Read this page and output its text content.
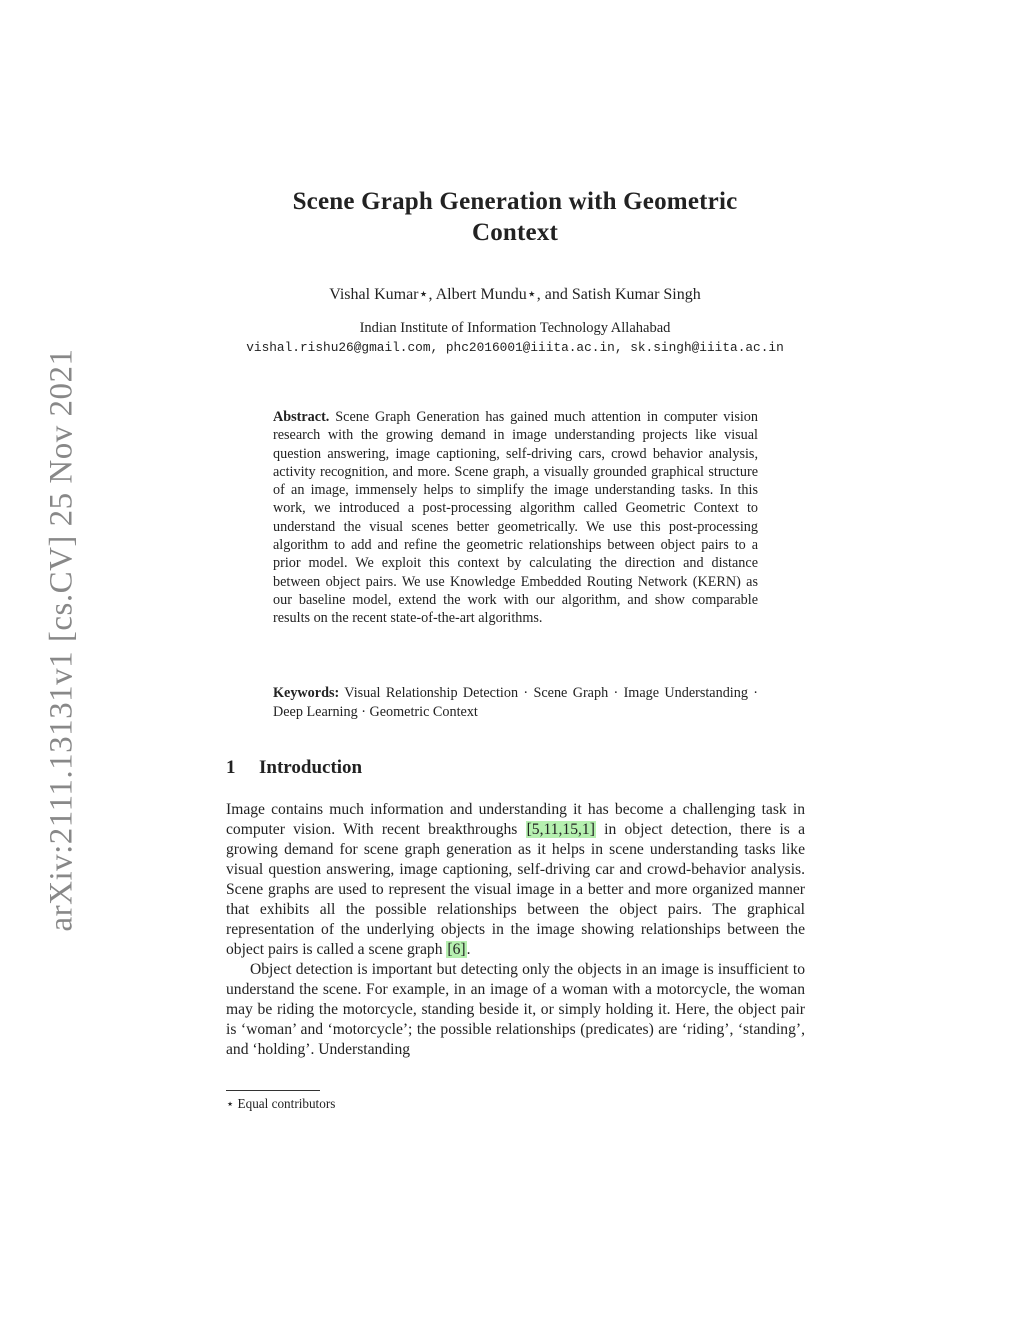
arXiv:2111.13131v1 [cs.CV] 25 Nov 2021
Scene Graph Generation with Geometric
Context
Vishal Kumar⋆, Albert Mundu⋆, and Satish Kumar Singh
Indian Institute of Information Technology Allahabad
vishal.rishu26@gmail.com, phc2016001@iiita.ac.in, sk.singh@iiita.ac.in
Abstract. Scene Graph Generation has gained much attention in computer vision research with the growing demand in image understanding projects like visual question answering, image captioning, self-driving cars, crowd behavior analysis, activity recognition, and more. Scene graph, a visually grounded graphical structure of an image, immensely helps to simplify the image understanding tasks. In this work, we introduced a post-processing algorithm called Geometric Context to understand the visual scenes better geometrically. We use this post-processing algorithm to add and refine the geometric relationships between object pairs to a prior model. We exploit this context by calculating the direction and distance between object pairs. We use Knowledge Embedded Routing Network (KERN) as our baseline model, extend the work with our algorithm, and show comparable results on the recent state-of-the-art algorithms.
Keywords: Visual Relationship Detection · Scene Graph · Image Understanding · Deep Learning · Geometric Context
1 Introduction

Image contains much information and understanding it has become a challenging task in computer vision. With recent breakthroughs [5,11,15,1] in object detection, there is a growing demand for scene graph generation as it helps in scene understanding tasks like visual question answering, image captioning, self-driving car and crowd-behavior analysis. Scene graphs are used to represent the visual image in a better and more organized manner that exhibits all the possible relationships between the object pairs. The graphical representation of the underlying objects in the image showing relationships between the object pairs is called a scene graph [6].

Object detection is important but detecting only the objects in an image is insufficient to understand the scene. For example, in an image of a woman with a motorcycle, the woman may be riding the motorcycle, standing beside it, or simply holding it. Here, the object pair is ‘woman’ and ‘motorcycle’; the possible relationships (predicates) are ‘riding’, ‘standing’, and ‘holding’. Understanding

⋆ Equal contributors
